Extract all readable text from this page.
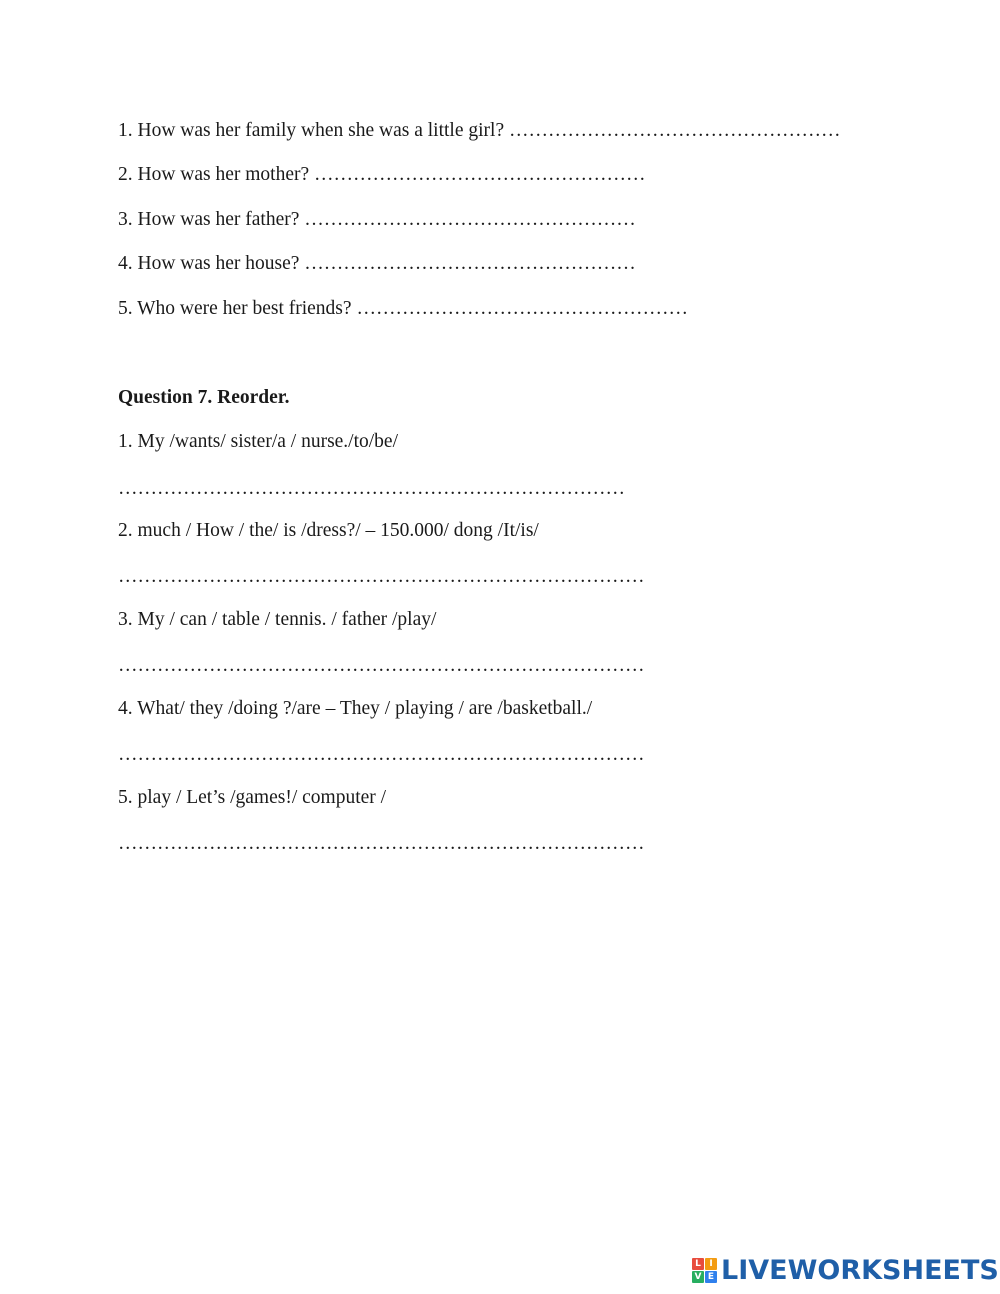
1. How was her family when she was a little girl? ……………………………………………
2. How was her mother? ……………………………………………
3. How was her father? ……………………………………………
4. How was her house? ……………………………………………
5. Who were her best friends? ……………………………………………
Question 7. Reorder.
1. My /wants/ sister/a / nurse./to/be/
……………………………………………………………………
2. much / How / the/ is /dress?/ – 150.000/ dong /It/is/
………………………………………………………………………
3. My / can / table / tennis. / father /play/
………………………………………………………………………
4. What/ they /doing ?/are – They / playing / are /basketball./
………………………………………………………………………
5. play / Let’s /games!/ computer /
………………………………………………………………………
L I
V E LIVEWORKSHEETS
